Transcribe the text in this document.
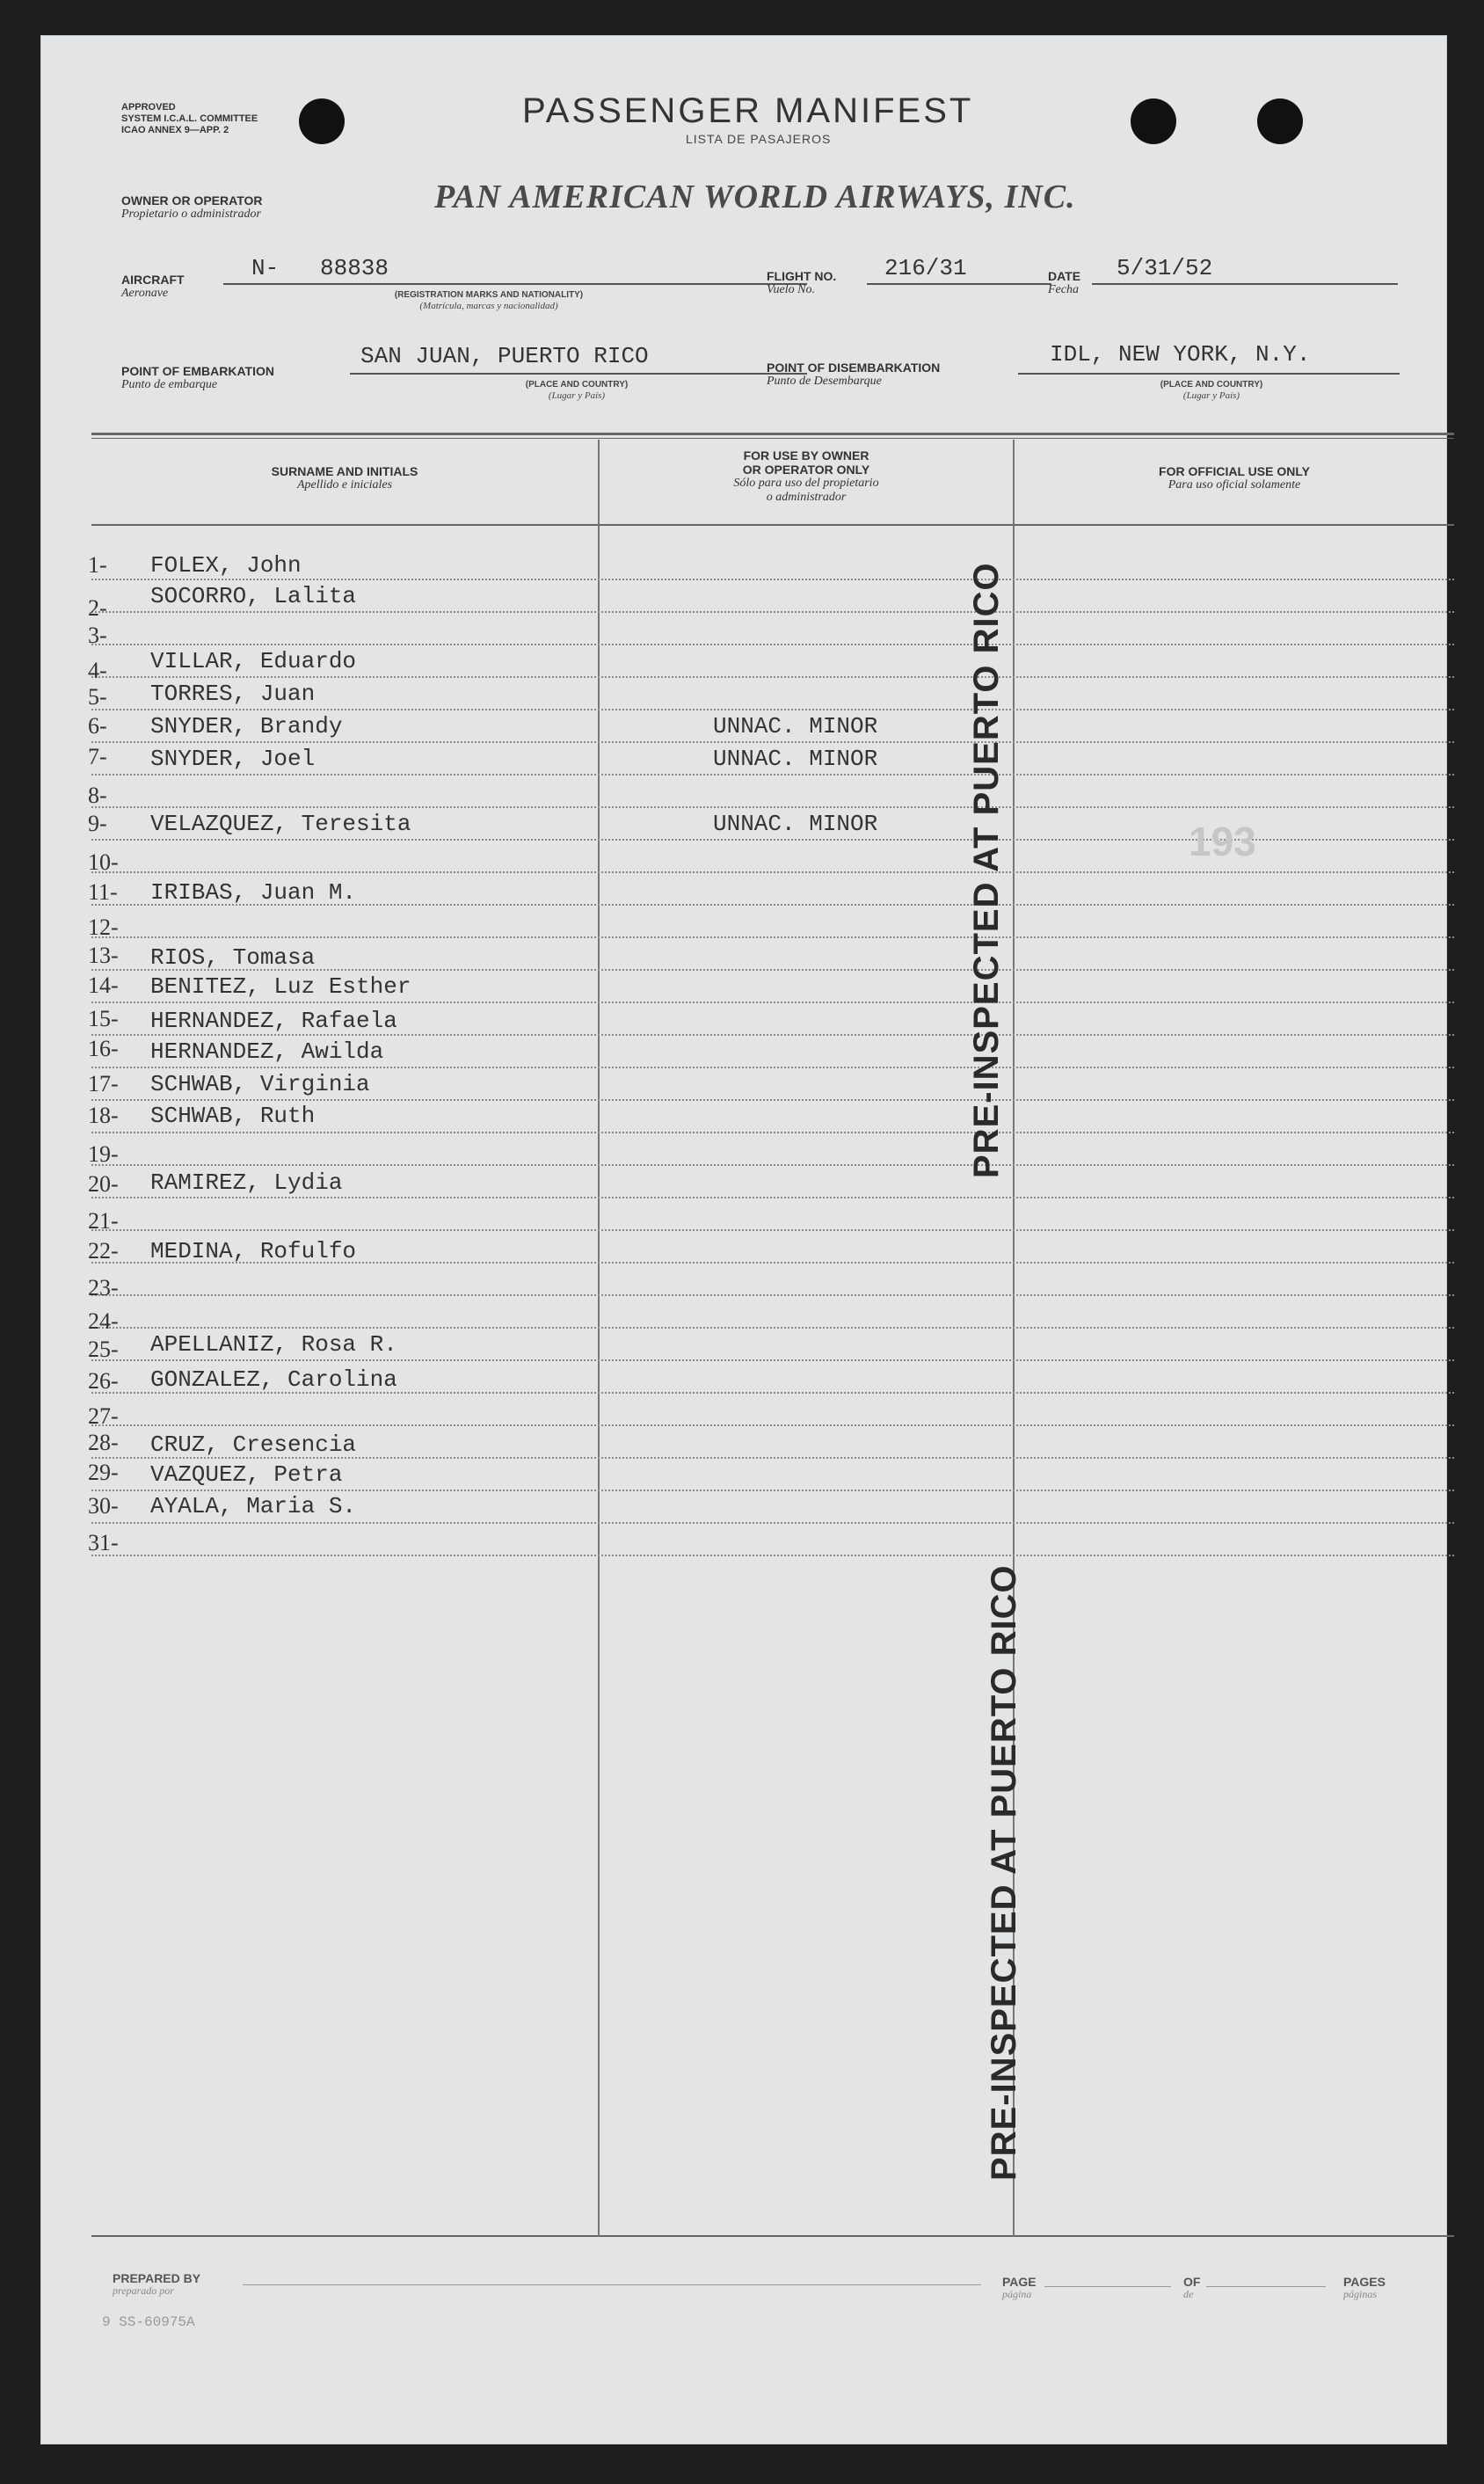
APPROVED
SYSTEM I.C.A.L. COMMITTEE
ICAO ANNEX 9—APP. 2	PASSENGER MANIFEST
LISTA DE PASAJEROS
OWNER OR OPERATOR
Propietario o administrador	PAN AMERICAN WORLD AIRWAYS, INC.
AIRCRAFT
Aeronave
N- 88838
(REGISTRATION MARKS AND NATIONALITY)
(Matrícula, marcas y nacionalidad)
FLIGHT NO.
Vuelo No.
216/31	DATE
Fecha
5/31/52
POINT OF EMBARKATION
Punto de embarque
SAN JUAN, PUERTO RICO
(PLACE AND COUNTRY)
(Lugar y País)
POINT OF DISEMBARKATION
Punto de Desembarque
IDL, NEW YORK, N.Y.
(PLACE AND COUNTRY)
(Lugar y País)
SURNAME AND INITIALS
Apellido e iniciales
FOR USE BY OWNER
OR OPERATOR ONLY
Sólo para uso del propietario
o administrador
FOR OFFICIAL USE ONLY
Para uso oficial solamente
1-	FOLEX, John
2-	SOCORRO, Lalita
3-
4-	VILLAR, Eduardo
5-	TORRES, Juan
6-	SNYDER, Brandy	UNNAC. MINOR
7-	SNYDER, Joel	UNNAC. MINOR
8-
9-	VELAZQUEZ, Teresita	UNNAC. MINOR
10-
11-	IRIBAS, Juan M.
12-
13-	RIOS, Tomasa
14-	BENITEZ, Luz Esther
15-	HERNANDEZ, Rafaela
16-	HERNANDEZ, Awilda
17-	SCHWAB, Virginia
18-	SCHWAB, Ruth
19-
20-	RAMIREZ, Lydia
21-
22-	MEDINA, Rofulfo
23-
24-
25-	APELLANIZ, Rosa R.
26-	GONZALEZ, Carolina
27-
28-	CRUZ, Cresencia
29-	VAZQUEZ, Petra
30-	AYALA, Maria S.
31-
PRE-INSPECTED AT PUERTO RICO
PRE-INSPECTED AT PUERTO RICO
193
PREPARED BY
preparado por
PAGE
página
OF
de
PAGES
páginas
9 SS-60975A
